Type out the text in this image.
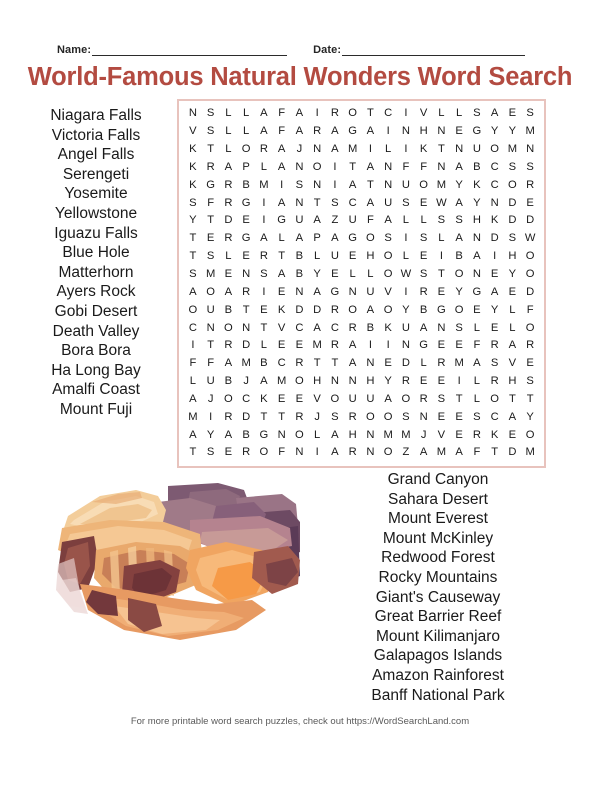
Name:	Date:
World-Famous Natural Wonders Word Search
Niagara Falls
Victoria Falls
Angel Falls
Serengeti
Yosemite
Yellowstone
Iguazu Falls
Blue Hole
Matterhorn
Ayers Rock
Gobi Desert
Death Valley
Bora Bora
Ha Long Bay
Amalfi Coast
Mount Fuji
N S L	L A F A	I	R O T C	I	V L	L S A E S
V S L	L A F A R A G A	I	N H N E G Y Y M
K T	L O R A	J N A M	I	L	I	K T N U O M N
K R A P L A N O	I	T A N F F N A B C S S
K G R B M	I	S N	I	A T N U O M Y K C O R
S F R G	I	A N T S C A U S E W A Y N D E
Y T D E	I	G U A Z U F A L	L S S H K D D
T E R G A L A P A G O S	I	S L A N D S W
T S L E R T B L U E H O L E	I	B A	I	H O
S M E N S A B Y E L	L O W S T O N E Y O
A O A R	I	E N A G N U V	I	R E Y G A E D
O U B T E K D D R O A O Y B G O E Y L	F
C N O N T V C A C R B K U A N S L E L O
I	T R D L E E M R A	I	I	N G E E F R A R
F F A M B C R T T A N E D L R M A S V E
L U B	J	A M O H N N H Y R E E	I	L R H S
A	J O C K E E V O U U A O R S T	L O T T
M	I	R D T T R J	S R O O S N E E S C A Y
A Y A B G N O L A H N M M J	V E R K E O
T S E R O F N	I	A R N O Z A M A F T D M
Grand Canyon
Sahara Desert
Mount Everest
Mount McKinley
Redwood Forest
Rocky Mountains
Giant's Causeway
Great Barrier Reef
Mount Kilimanjaro
Galapagos Islands
Amazon Rainforest
Banff National Park
For more printable word search puzzles, check out https://WordSearchLand.com
